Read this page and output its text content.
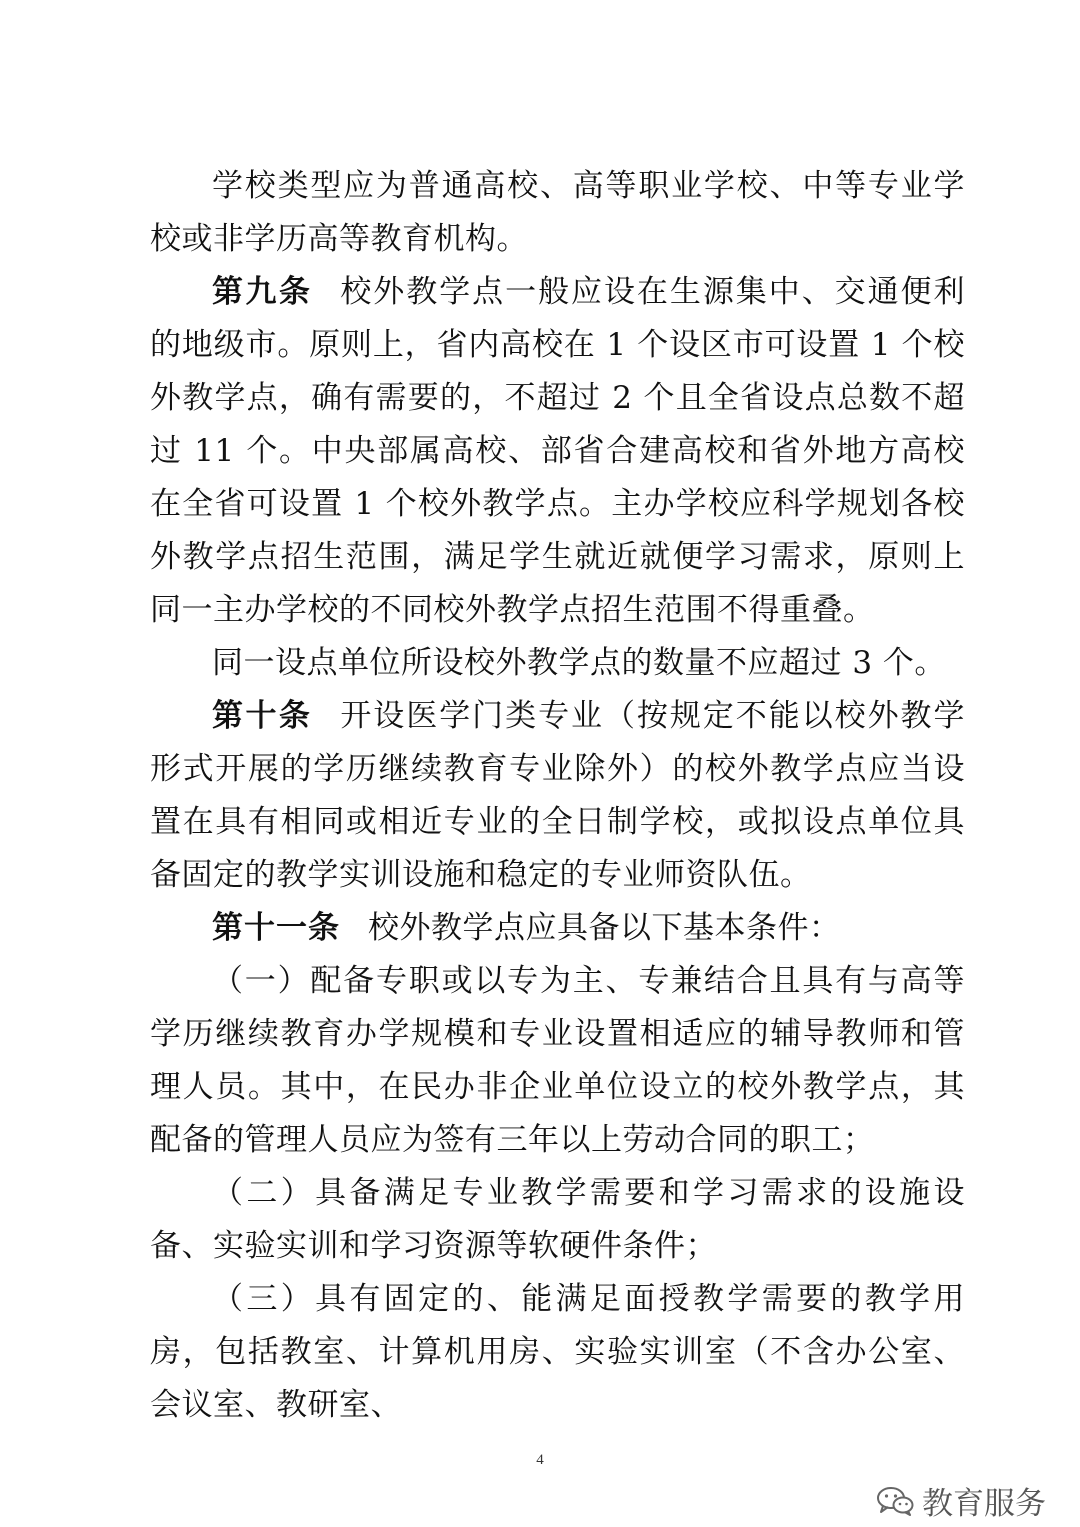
学校类型应为普通高校、高等职业学校、中等专业学校或非学历高等教育机构。

第九条 校外教学点一般应设在生源集中、交通便利的地级市。原则上，省内高校在 1 个设区市可设置 1 个校外教学点，确有需要的，不超过 2 个且全省设点总数不超过 11 个。中央部属高校、部省合建高校和省外地方高校在全省可设置 1 个校外教学点。主办学校应科学规划各校外教学点招生范围，满足学生就近就便学习需求，原则上同一主办学校的不同校外教学点招生范围不得重叠。

同一设点单位所设校外教学点的数量不应超过 3 个。

第十条 开设医学门类专业（按规定不能以校外教学形式开展的学历继续教育专业除外）的校外教学点应当设置在具有相同或相近专业的全日制学校，或拟设点单位具备固定的教学实训设施和稳定的专业师资队伍。

第十一条 校外教学点应具备以下基本条件：

（一）配备专职或以专为主、专兼结合且具有与高等学历继续教育办学规模和专业设置相适应的辅导教师和管理人员。其中，在民办非企业单位设立的校外教学点，其配备的管理人员应为签有三年以上劳动合同的职工；

（二）具备满足专业教学需要和学习需求的设施设备、实验实训和学习资源等软硬件条件；

（三）具有固定的、能满足面授教学需要的教学用房，包括教室、计算机用房、实验实训室（不含办公室、会议室、教研室、

4
教育服务
